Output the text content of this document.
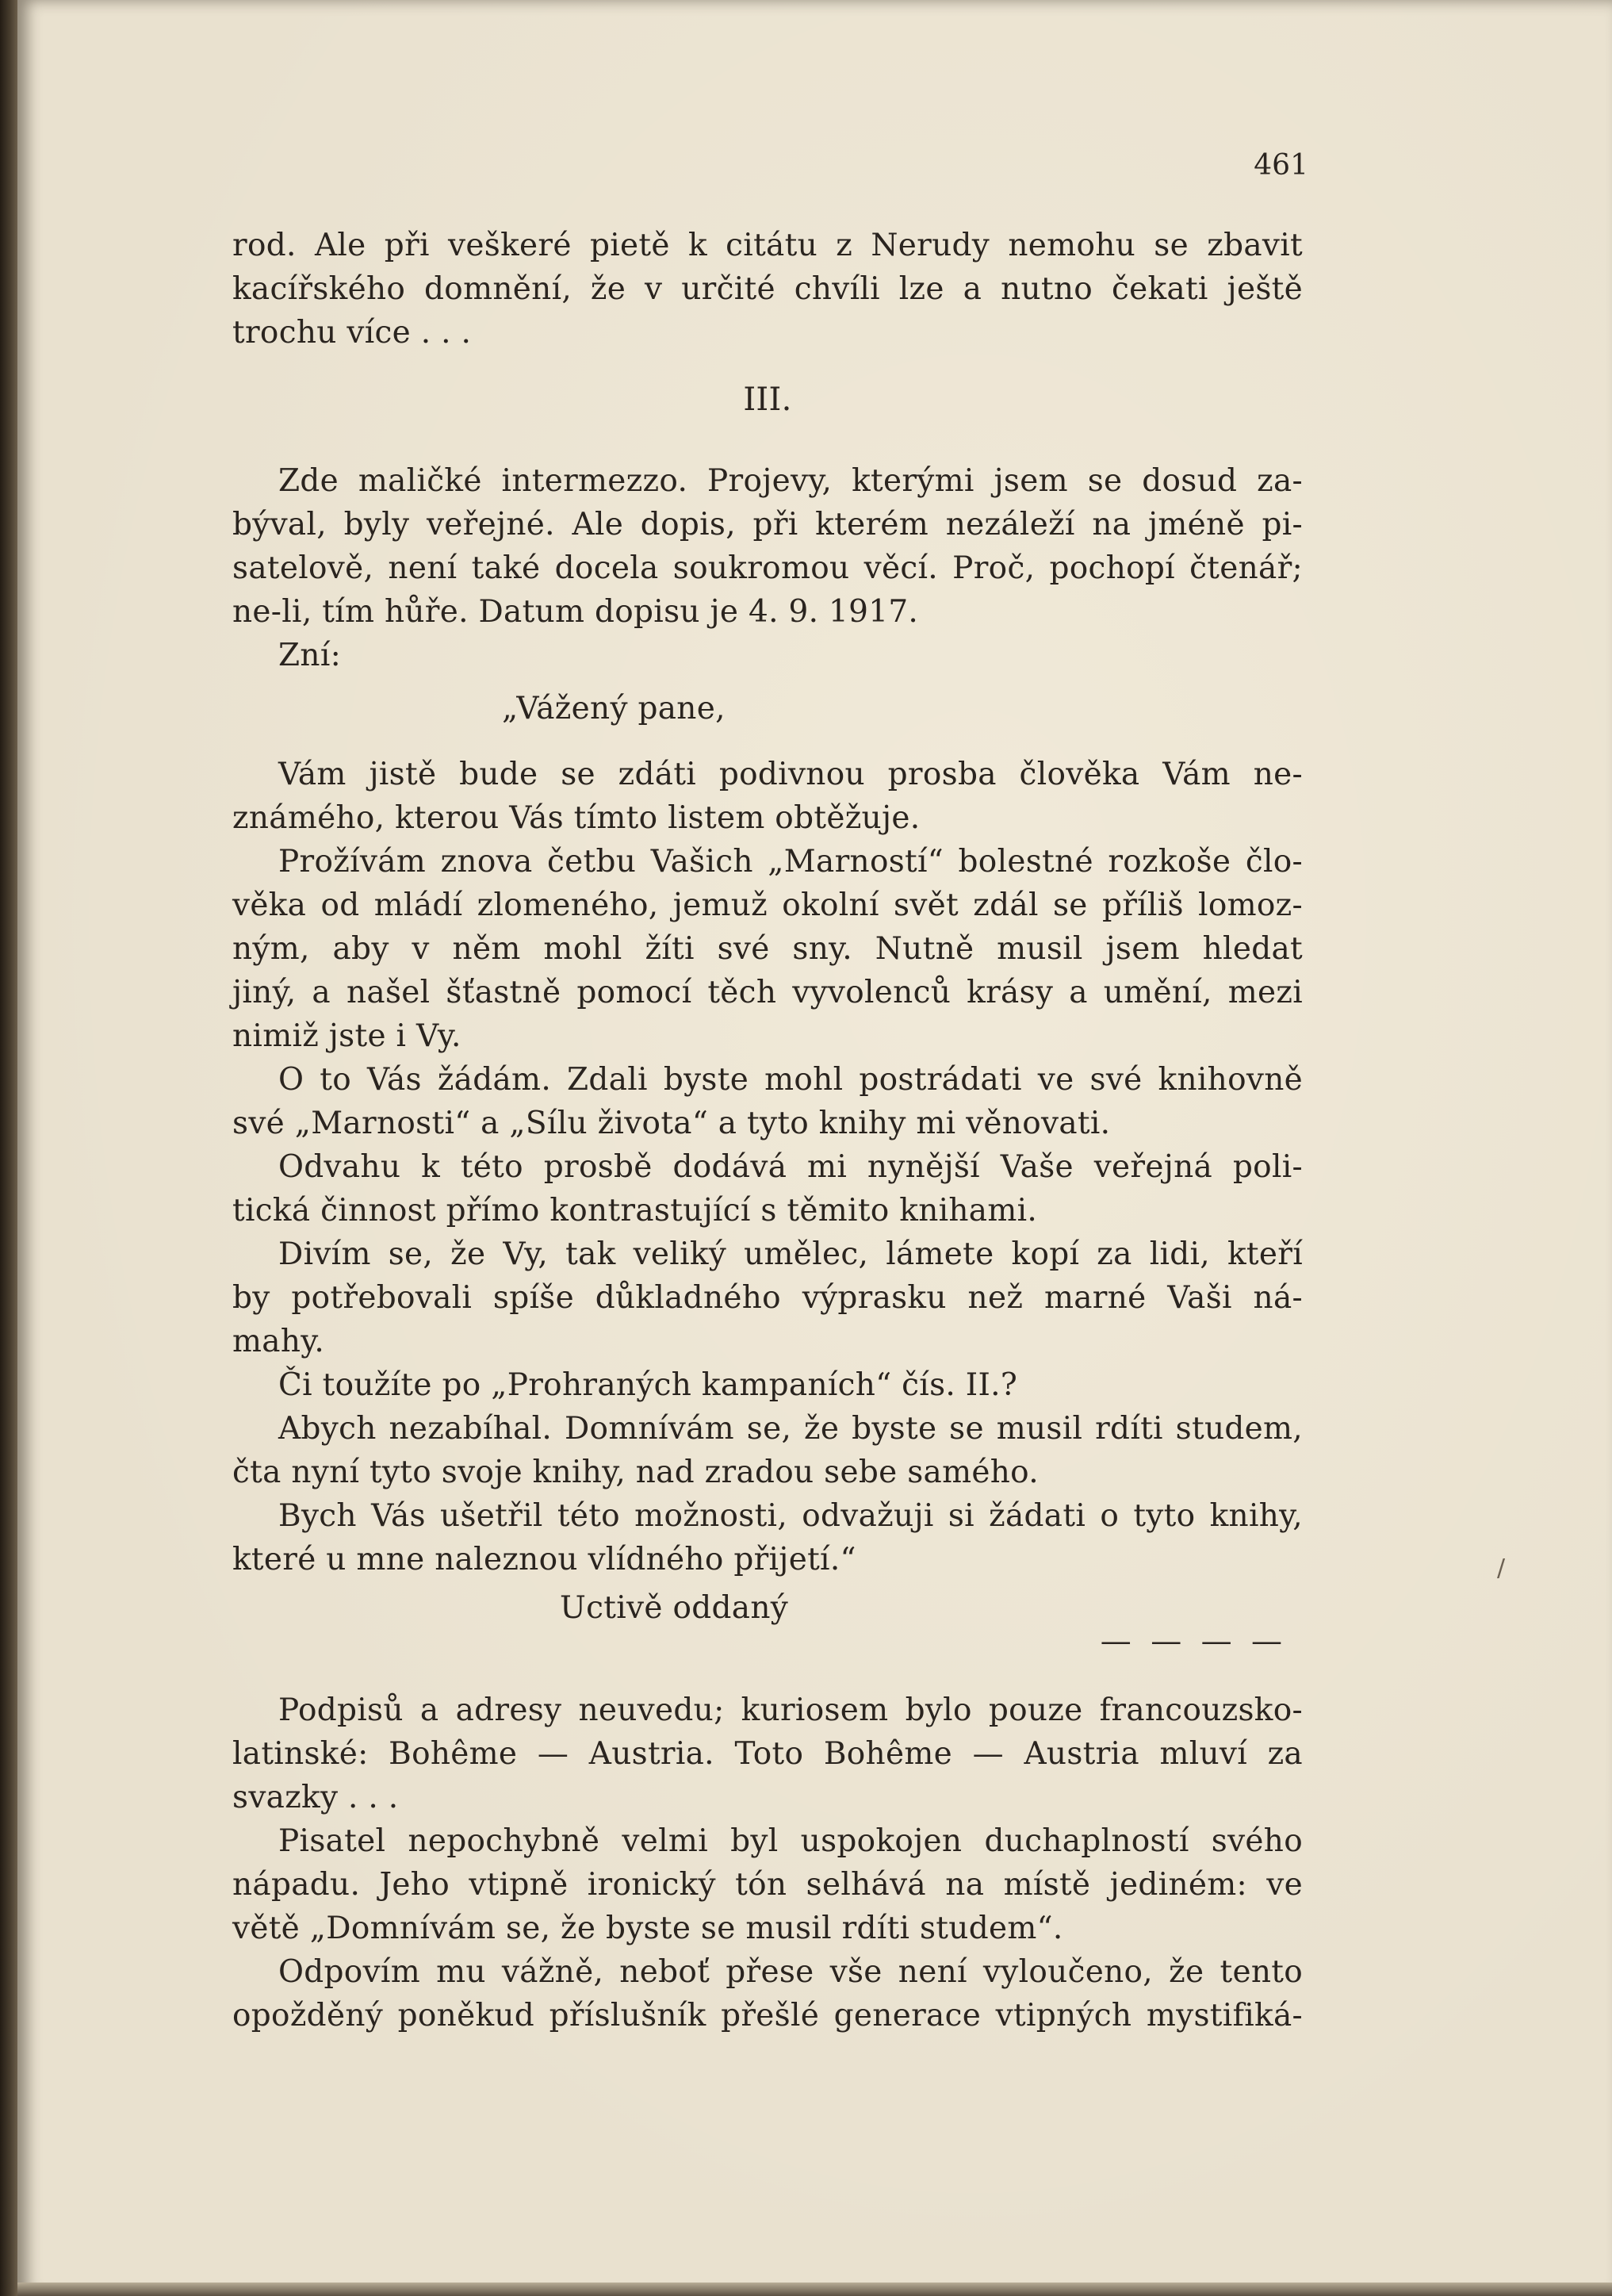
461
/
rod. Ale při veškeré pietě k citátu z Nerudy nemohu se zbavit
kacířského domnění, že v určité chvíli lze a nutno čekati ještě
trochu více . . .
III.
Zde maličké intermezzo. Projevy, kterými jsem se dosud za-
býval, byly veřejné. Ale dopis, při kterém nezáleží na jméně pi-
satelově, není také docela soukromou věcí. Proč, pochopí čtenář;
ne-li, tím hůře. Datum dopisu je 4. 9. 1917.
Zní:
„Vážený pane,
Vám jistě bude se zdáti podivnou prosba člověka Vám ne-
známého, kterou Vás tímto listem obtěžuje.
Prožívám znova četbu Vašich „Marností“ bolestné rozkoše člo-
věka od mládí zlomeného, jemuž okolní svět zdál se příliš lomoz-
ným, aby v něm mohl žíti své sny. Nutně musil jsem hledat
jiný, a našel šťastně pomocí těch vyvolenců krásy a umění, mezi
nimiž jste i Vy.
O to Vás žádám. Zdali byste mohl postrádati ve své knihovně
své „Marnosti“ a „Sílu života“ a tyto knihy mi věnovati.
Odvahu k této prosbě dodává mi nynější Vaše veřejná poli-
tická činnost přímo kontrastující s těmito knihami.
Divím se, že Vy, tak veliký umělec, lámete kopí za lidi, kteří
by potřebovali spíše důkladného výprasku než marné Vaši ná-
mahy.
Či toužíte po „Prohraných kampaních“ čís. II.?
Abych nezabíhal. Domnívám se, že byste se musil rdíti studem,
čta nyní tyto svoje knihy, nad zradou sebe samého.
Bych Vás ušetřil této možnosti, odvažuji si žádati o tyto knihy,
které u mne naleznou vlídného přijetí.“
Uctivě oddaný
— — — —
Podpisů a adresy neuvedu; kuriosem bylo pouze francouzsko-
latinské: Bohême — Austria. Toto Bohême — Austria mluví za
svazky . . .
Pisatel nepochybně velmi byl uspokojen duchaplností svého
nápadu. Jeho vtipně ironický tón selhává na místě jediném: ve
větě „Domnívám se, že byste se musil rdíti studem“.
Odpovím mu vážně, neboť přese vše není vyloučeno, že tento
opožděný poněkud příslušník přešlé generace vtipných mystifiká-
